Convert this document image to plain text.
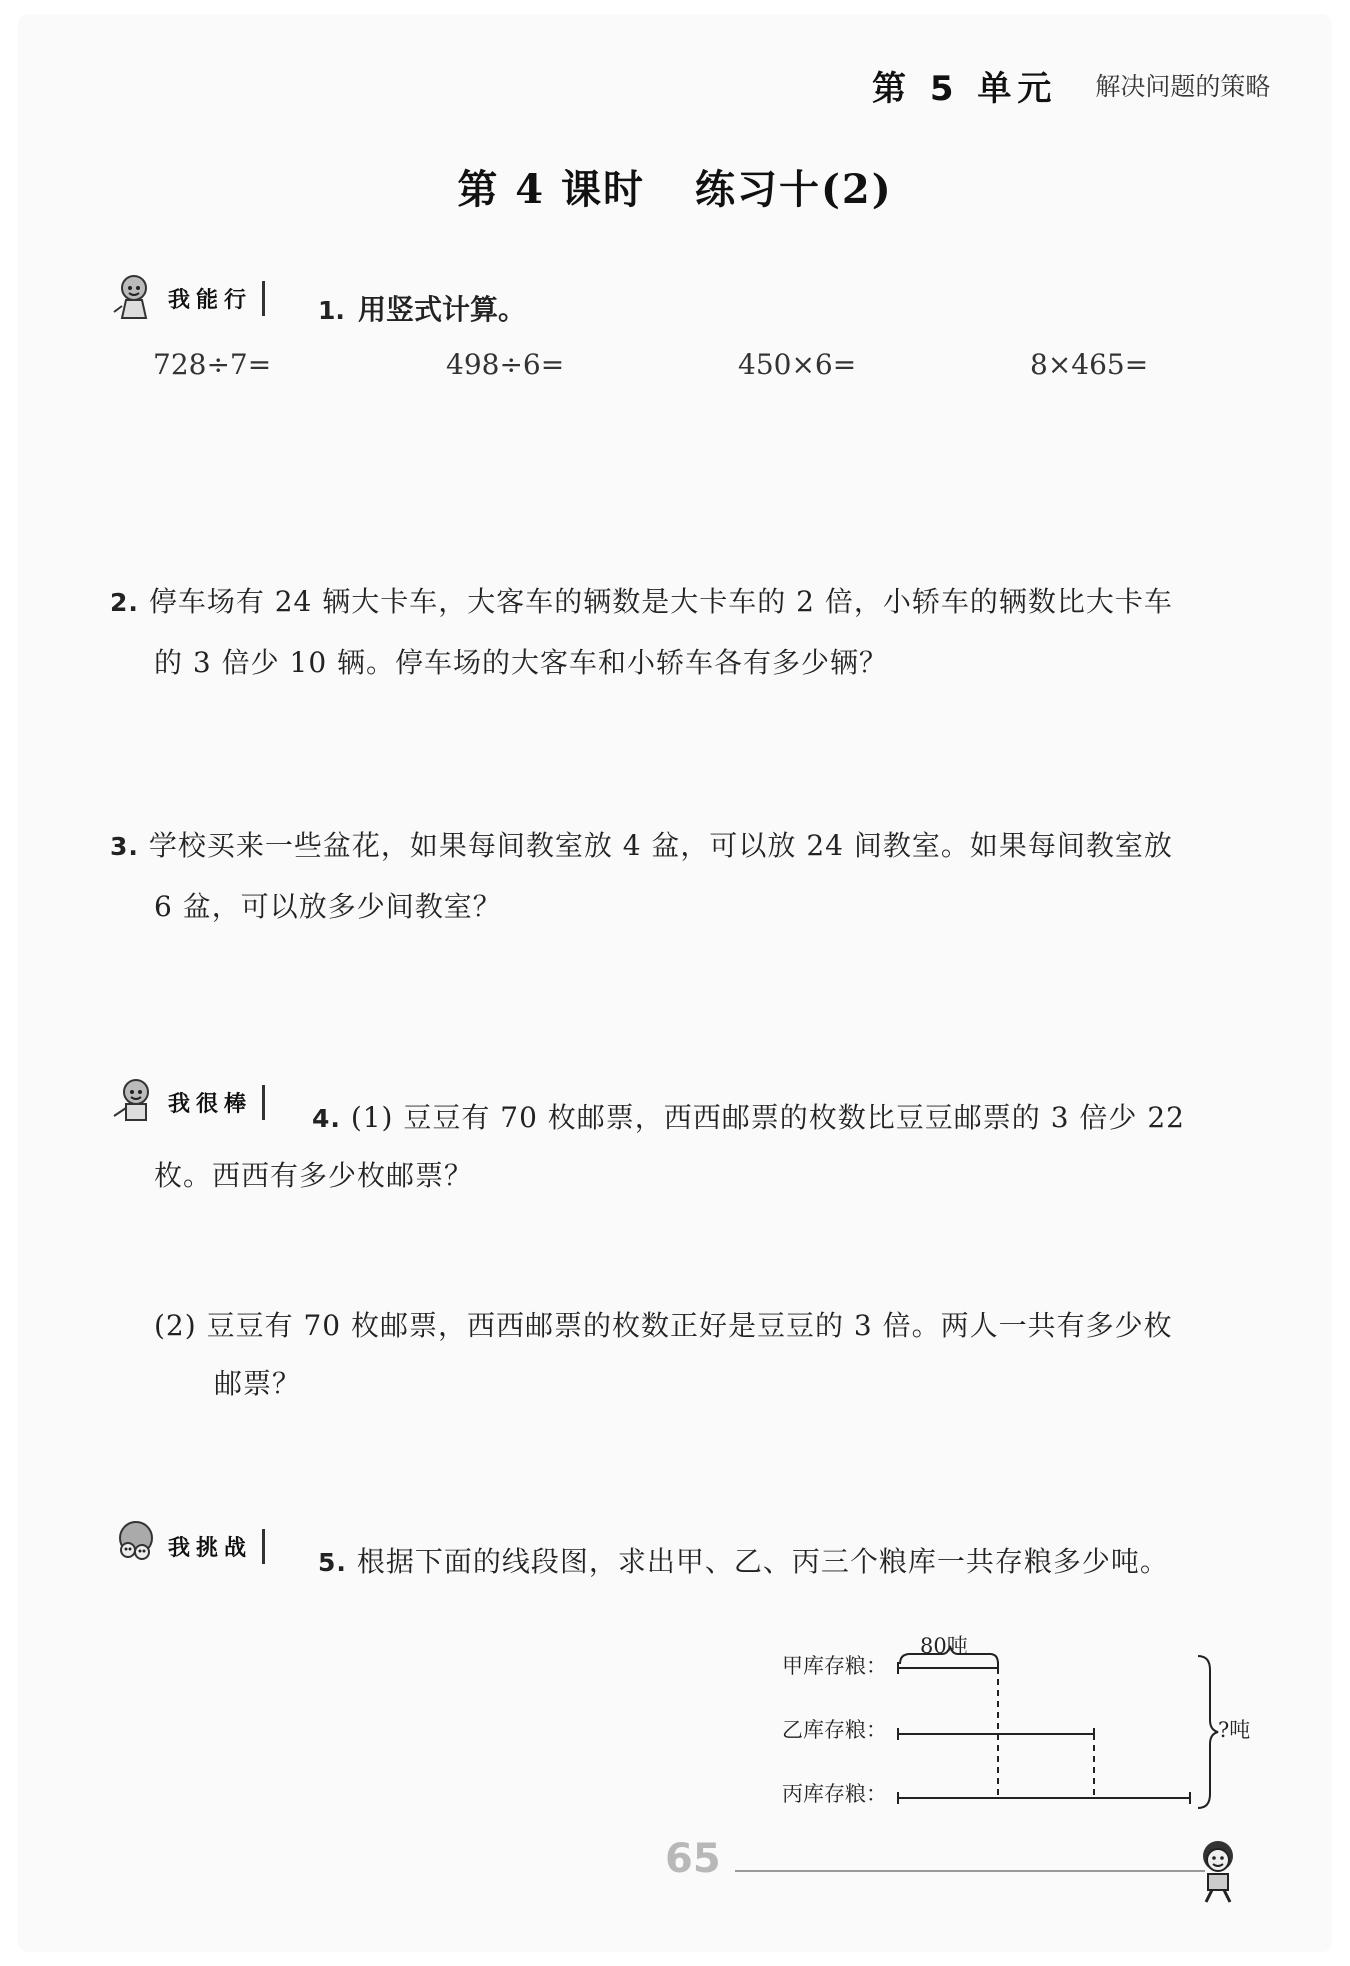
第 5 单元	解决问题的策略
第 4 课时 练习十(2)
我能行	1. 用竖式计算。
728÷7=	498÷6=	450×6=	8×465=
2. 停车场有 24 辆大卡车，大客车的辆数是大卡车的 2 倍，小轿车的辆数比大卡车
的 3 倍少 10 辆。停车场的大客车和小轿车各有多少辆？
3. 学校买来一些盆花，如果每间教室放 4 盆，可以放 24 间教室。如果每间教室放
6 盆，可以放多少间教室？
我很棒	4. (1) 豆豆有 70 枚邮票，西西邮票的枚数比豆豆邮票的 3 倍少 22
枚。西西有多少枚邮票？
(2) 豆豆有 70 枚邮票，西西邮票的枚数正好是豆豆的 3 倍。两人一共有多少枚
邮票？
我挑战	5. 根据下面的线段图，求出甲、乙、丙三个粮库一共存粮多少吨。
甲库存粮：
乙库存粮：
丙库存粮：
80吨
?吨
65
